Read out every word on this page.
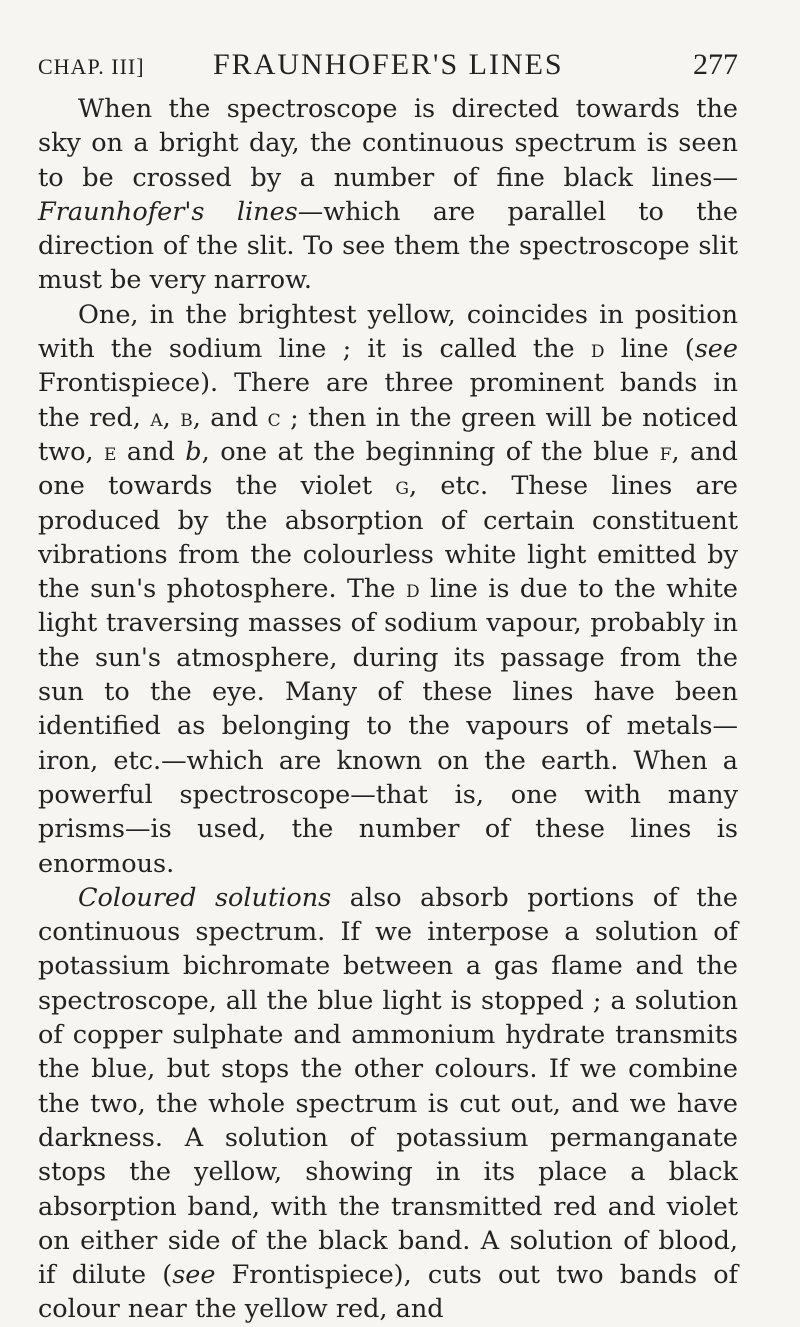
CHAP. III] FRAUNHOFER'S LINES	277

When the spectroscope is directed towards the sky on a bright day, the continuous spectrum is seen to be crossed by a number of fine black lines—Fraunhofer's lines—which are parallel to the direction of the slit. To see them the spectroscope slit must be very narrow.

One, in the brightest yellow, coincides in position with the sodium line ; it is called the d line (see Frontispiece). There are three prominent bands in the red, a, b, and c ; then in the green will be noticed two, e and b, one at the beginning of the blue f, and one towards the violet g, etc. These lines are produced by the absorption of certain constituent vibrations from the colourless white light emitted by the sun's photosphere. The d line is due to the white light traversing masses of sodium vapour, probably in the sun's atmosphere, during its passage from the sun to the eye. Many of these lines have been identified as belonging to the vapours of metals—iron, etc.—which are known on the earth. When a powerful spectroscope—that is, one with many prisms—is used, the number of these lines is enormous.

Coloured solutions also absorb portions of the continuous spectrum. If we interpose a solution of potassium bichromate between a gas flame and the spectroscope, all the blue light is stopped ; a solution of copper sulphate and ammonium hydrate transmits the blue, but stops the other colours. If we combine the two, the whole spectrum is cut out, and we have darkness. A solution of potassium permanganate stops the yellow, showing in its place a black absorption band, with the transmitted red and violet on either side of the black band. A solution of blood, if dilute (see Frontispiece), cuts out two bands of colour near the yellow red, and
